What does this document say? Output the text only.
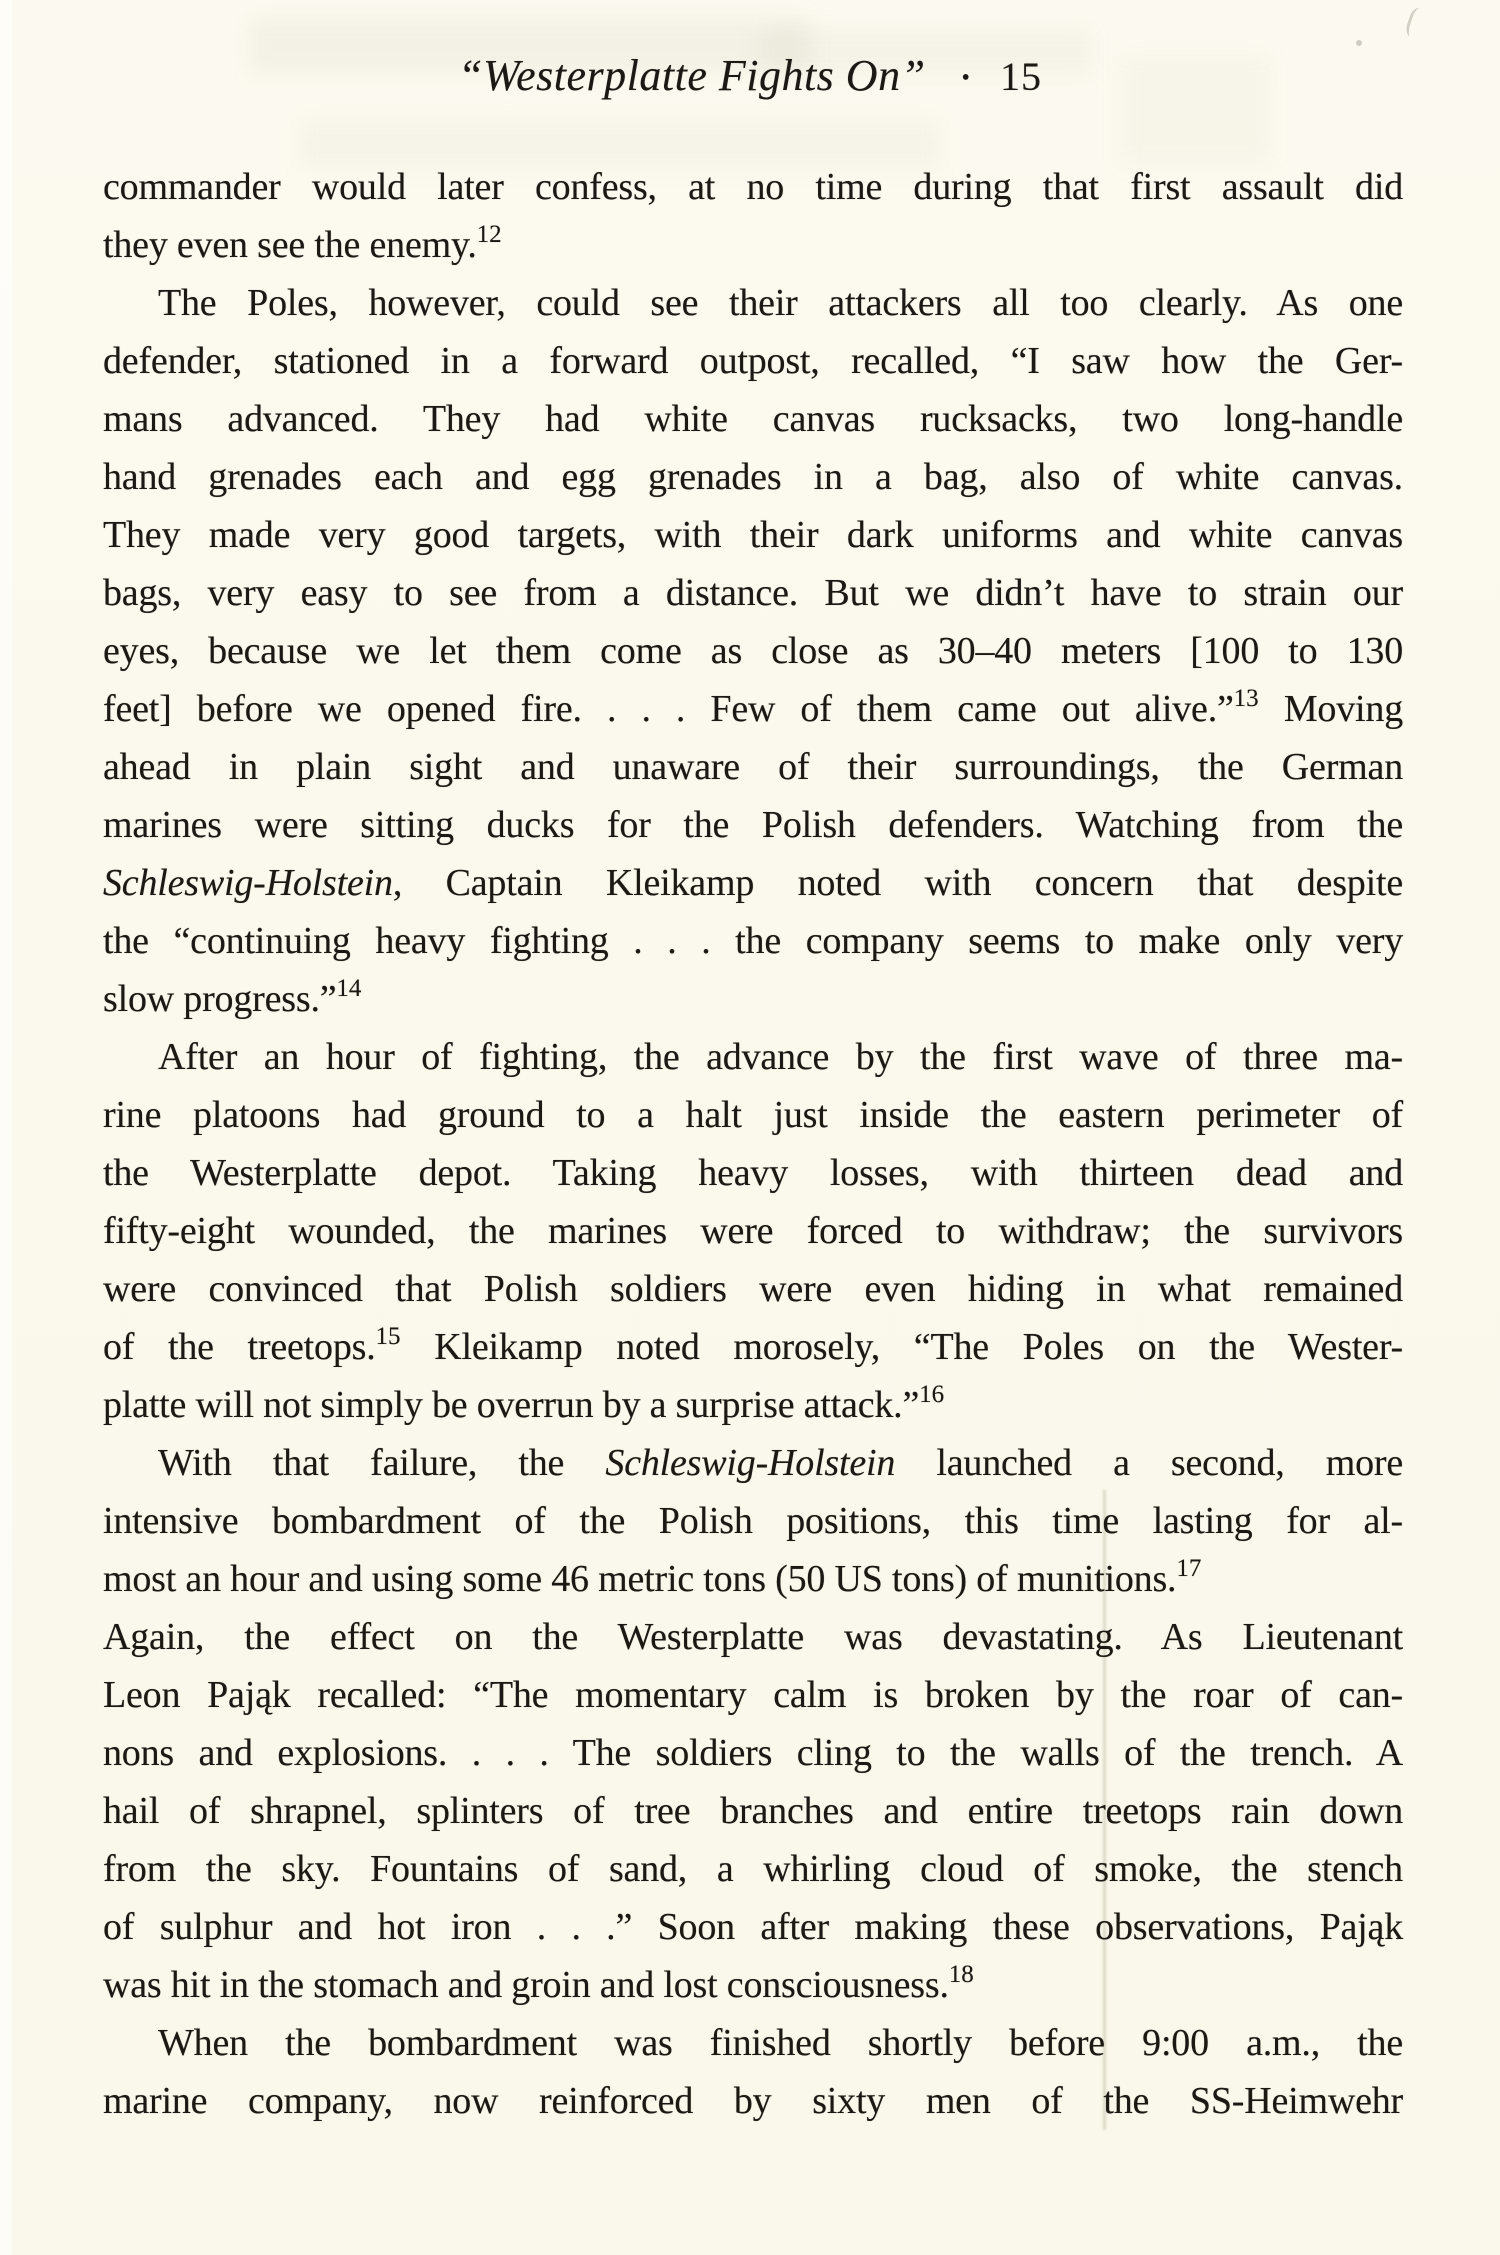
“Westerplatte Fights On” • 15
commander would later confess, at no time during that first assault did
they even see the enemy.$^{12}$
The Poles, however, could see their attackers all too clearly. As one
defender, stationed in a forward outpost, recalled, “I saw how the Ger-
mans advanced. They had white canvas rucksacks, two long-handle
hand grenades each and egg grenades in a bag, also of white canvas.
They made very good targets, with their dark uniforms and white canvas
bags, very easy to see from a distance. But we didn’t have to strain our
eyes, because we let them come as close as 30–40 meters [100 to 130
feet] before we opened fire. . . . Few of them came out alive.”$^{13}$ Moving
ahead in plain sight and unaware of their surroundings, the German
marines were sitting ducks for the Polish defenders. Watching from the
Schleswig-Holstein, Captain Kleikamp noted with concern that despite
the “continuing heavy fighting . . . the company seems to make only very
slow progress.”$^{14}$
After an hour of fighting, the advance by the first wave of three ma-
rine platoons had ground to a halt just inside the eastern perimeter of
the Westerplatte depot. Taking heavy losses, with thirteen dead and
fifty-eight wounded, the marines were forced to withdraw; the survivors
were convinced that Polish soldiers were even hiding in what remained
of the treetops.$^{15}$ Kleikamp noted morosely, “The Poles on the Wester-
platte will not simply be overrun by a surprise attack.”$^{16}$
With that failure, the Schleswig-Holstein launched a second, more
intensive bombardment of the Polish positions, this time lasting for al-
most an hour and using some 46 metric tons (50 US tons) of munitions.$^{17}$
Again, the effect on the Westerplatte was devastating. As Lieutenant
Leon Pająk recalled: “The momentary calm is broken by the roar of can-
nons and explosions. . . . The soldiers cling to the walls of the trench. A
hail of shrapnel, splinters of tree branches and entire treetops rain down
from the sky. Fountains of sand, a whirling cloud of smoke, the stench
of sulphur and hot iron . . .” Soon after making these observations, Pająk
was hit in the stomach and groin and lost consciousness.$^{18}$
When the bombardment was finished shortly before 9:00 a.m., the
marine company, now reinforced by sixty men of the SS-Heimwehr
